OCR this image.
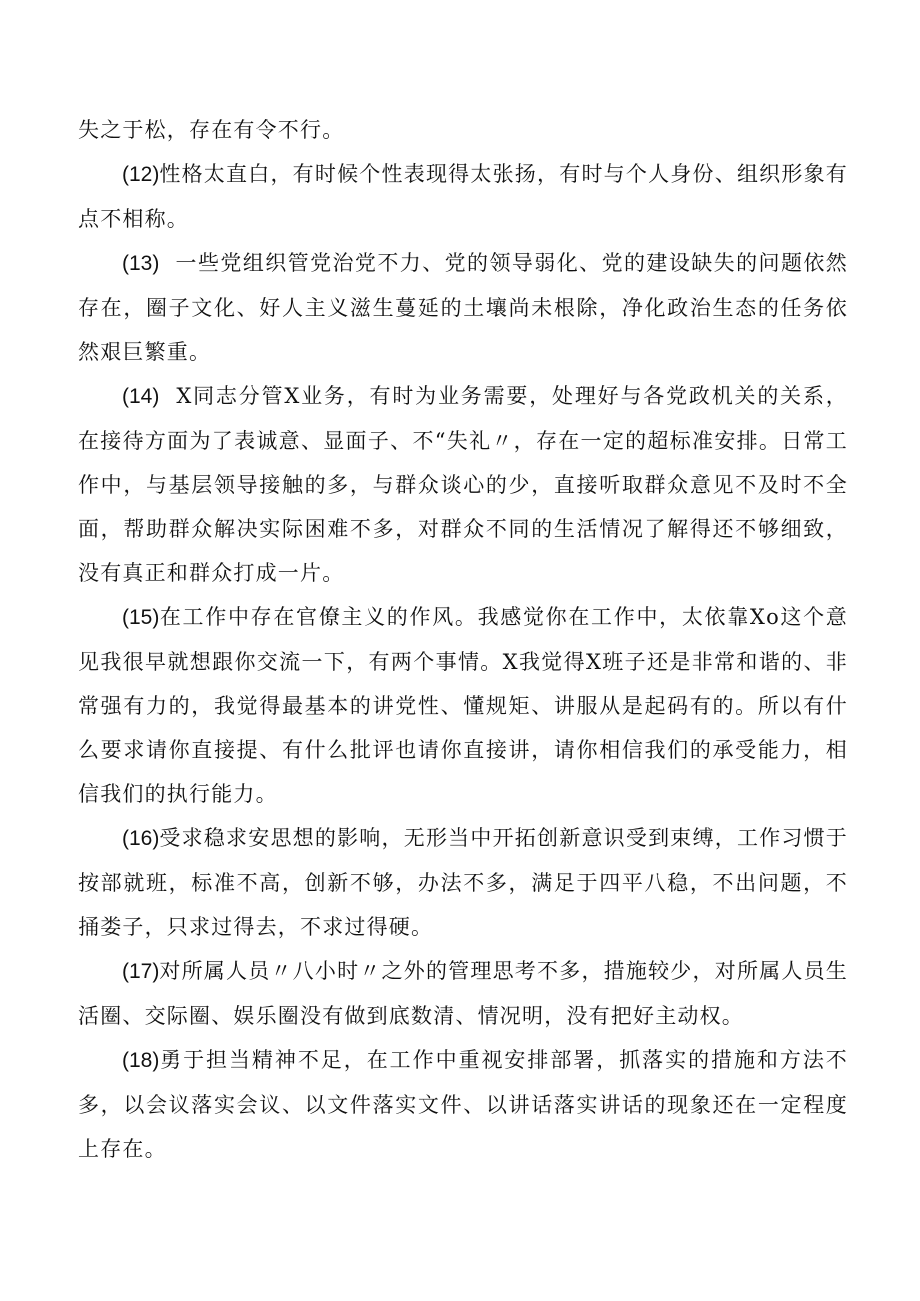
失之于松，存在有令不行。

(12)性格太直白，有时候个性表现得太张扬，有时与个人身份、组织形象有点不相称。

(13)  一些党组织管党治党不力、党的领导弱化、党的建设缺失的问题依然存在，圈子文化、好人主义滋生蔓延的土壤尚未根除，净化政治生态的任务依然艰巨繁重。

(14)  X同志分管X业务，有时为业务需要，处理好与各党政机关的关系，在接待方面为了表诚意、显面子、不“失礼〃，存在一定的超标准安排。日常工作中，与基层领导接触的多，与群众谈心的少，直接听取群众意见不及时不全面，帮助群众解决实际困难不多，对群众不同的生活情况了解得还不够细致，没有真正和群众打成一片。

(15)在工作中存在官僚主义的作风。我感觉你在工作中，太依靠Xo这个意见我很早就想跟你交流一下，有两个事情。X我觉得X班子还是非常和谐的、非常强有力的，我觉得最基本的讲党性、懂规矩、讲服从是起码有的。所以有什么要求请你直接提、有什么批评也请你直接讲，请你相信我们的承受能力，相信我们的执行能力。

(16)受求稳求安思想的影响，无形当中开拓创新意识受到束缚，工作习惯于按部就班，标准不高，创新不够，办法不多，满足于四平八稳，不出问题，不捅娄子，只求过得去，不求过得硬。

(17)对所属人员〃八小时〃之外的管理思考不多，措施较少，对所属人员生活圈、交际圈、娱乐圈没有做到底数清、情况明，没有把好主动权。

(18)勇于担当精神不足，在工作中重视安排部署，抓落实的措施和方法不多，以会议落实会议、以文件落实文件、以讲话落实讲话的现象还在一定程度上存在。
